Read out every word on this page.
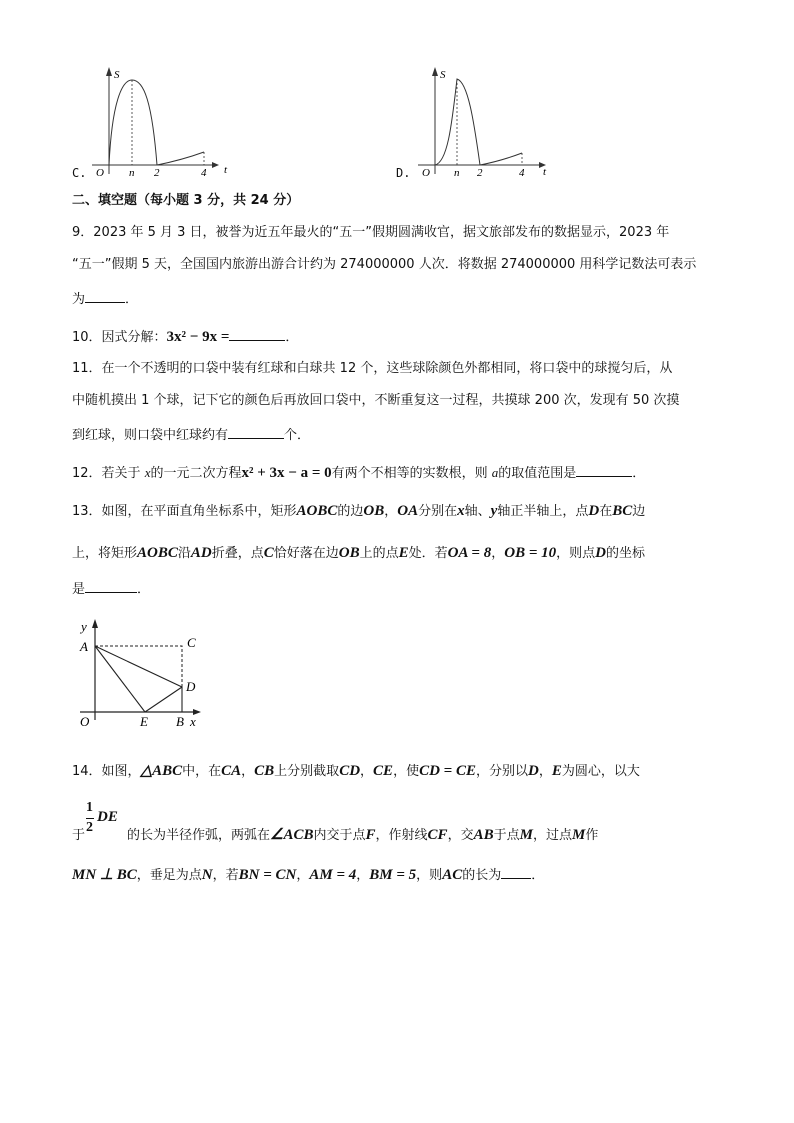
C.
S
t
O n 2	4	D.
S
t
O n 2	4
二、填空题（每小题 3 分，共 24 分）
9．2023 年 5 月 3 日，被誉为近五年最火的“五一”假期圆满收官，据文旅部发布的数据显示，2023 年
“五一”假期 5 天，全国国内旅游出游合计约为 274000000 人次．将数据 274000000 用科学记数法可表示
为	．
10．因式分解：3x² − 9x =	．
11．在一个不透明的口袋中装有红球和白球共 12 个，这些球除颜色外都相同，将口袋中的球搅匀后，从
中随机摸出 1 个球，记下它的颜色后再放回口袋中，不断重复这一过程，共摸球 200 次，发现有 50 次摸
到红球，则口袋中红球约有	个．
12．若关于 x的一元二次方程x² + 3x − a = 0有两个不相等的实数根，则 a的取值范围是	．
13．如图，在平面直角坐标系中，矩形AOBC的边OB，OA分别在x轴、y轴正半轴上，点D在BC边
上，将矩形AOBC沿AD折叠，点C恰好落在边OB上的点E处．若OA = 8，OB = 10，则点D的坐标
是	．
y
A	C
D
O	E B x
14．如图，△ABC中，在CA，CB上分别截取CD，CE，使CD = CE，分别以D，E为圆心，以大
1
2
DE
于	的长为半径作弧，两弧在∠ACB内交于点F，作射线CF，交AB于点M，过点M作
MN ⊥ BC，垂足为点N，若BN = CN，AM = 4，BM = 5，则AC的长为 ．
